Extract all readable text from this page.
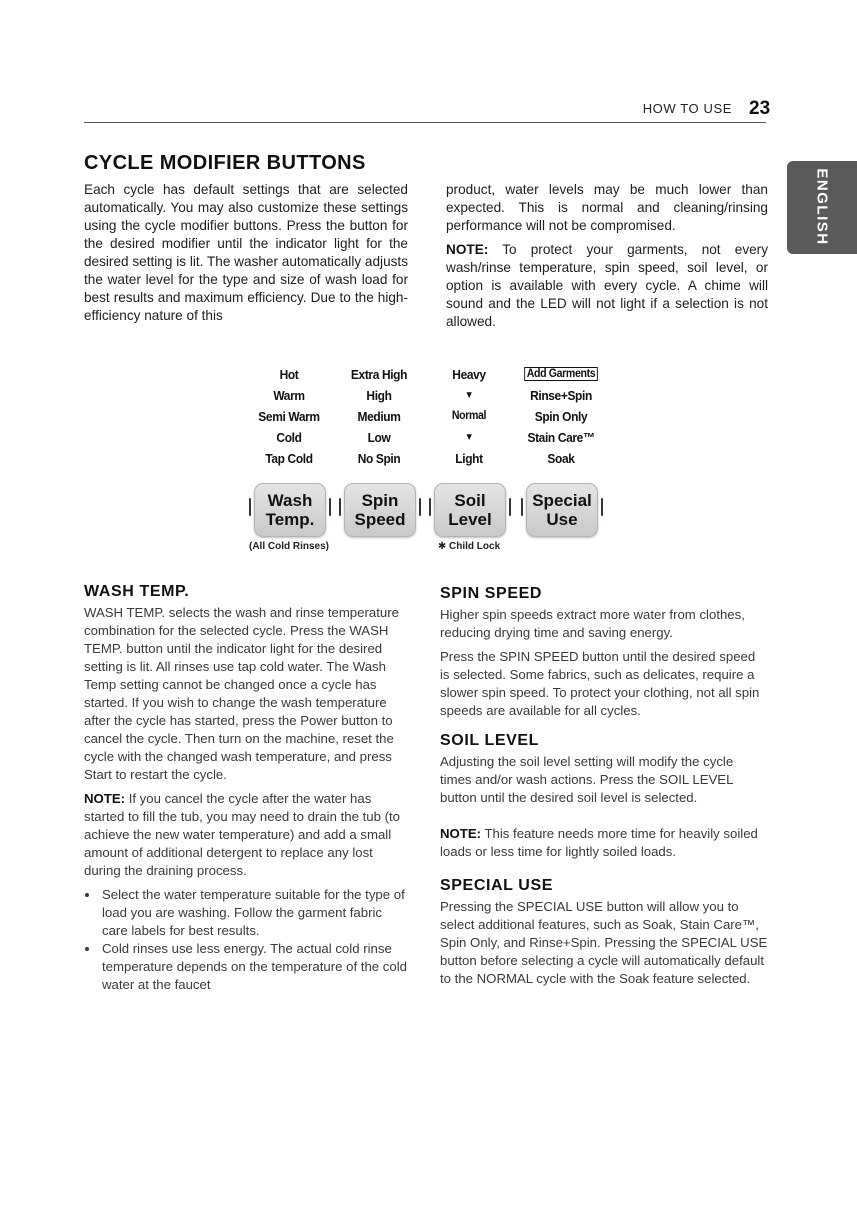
HOW TO USE 23
ENGLISH
CYCLE MODIFIER BUTTONS

Each cycle has default settings that are selected automatically. You may also customize these settings using the cycle modifier buttons. Press the button for the desired modifier until the indicator light for the desired setting is lit. The washer automatically adjusts the water level for the type and size of wash load for best results and maximum efficiency. Due to the high-efficiency nature of this

product, water levels may be much lower than expected. This is normal and cleaning/rinsing performance will not be compromised.

NOTE: To protect your garments, not every wash/rinse temperature, spin speed, soil level, or option is available with every cycle. A chime will sound and the LED will not light if a selection is not allowed.

Hot
Warm
Semi Warm
Cold
Tap Cold
Extra High
High
Medium
Low
No Spin
Heavy
▼
Normal
▼
Light
Add Garments
Rinse+Spin
Spin Only
Stain Care™
Soak
Wash
Temp.
Spin
Speed
Soil
Level
Special
Use
(All Cold Rinses)	✱ Child Lock
WASH TEMP.

WASH TEMP. selects the wash and rinse temperature combination for the selected cycle. Press the WASH TEMP. button until the indicator light for the desired setting is lit. All rinses use tap cold water. The Wash Temp setting cannot be changed once a cycle has started. If you wish to change the wash temperature after the cycle has started, press the Power button to cancel the cycle. Then turn on the machine, reset the cycle with the changed wash temperature, and press Start to restart the cycle.

NOTE: If you cancel the cycle after the water has started to fill the tub, you may need to drain the tub (to achieve the new water temperature) and add a small amount of additional detergent to replace any lost during the draining process.

• Select the water temperature suitable for the type of load you are washing. Follow the garment fabric care labels for best results.
• Cold rinses use less energy. The actual cold rinse temperature depends on the temperature of the cold water at the faucet
SPIN SPEED

Higher spin speeds extract more water from clothes, reducing drying time and saving energy.

Press the SPIN SPEED button until the desired speed is selected. Some fabrics, such as delicates, require a slower spin speed. To protect your clothing, not all spin speeds are available for all cycles.

SOIL LEVEL

Adjusting the soil level setting will modify the cycle times and/or wash actions. Press the SOIL LEVEL button until the desired soil level is selected.

NOTE: This feature needs more time for heavily soiled loads or less time for lightly soiled loads.

SPECIAL USE

Pressing the SPECIAL USE button will allow you to select additional features, such as Soak, Stain Care™, Spin Only, and Rinse+Spin. Pressing the SPECIAL USE button before selecting a cycle will automatically default to the NORMAL cycle with the Soak feature selected.
